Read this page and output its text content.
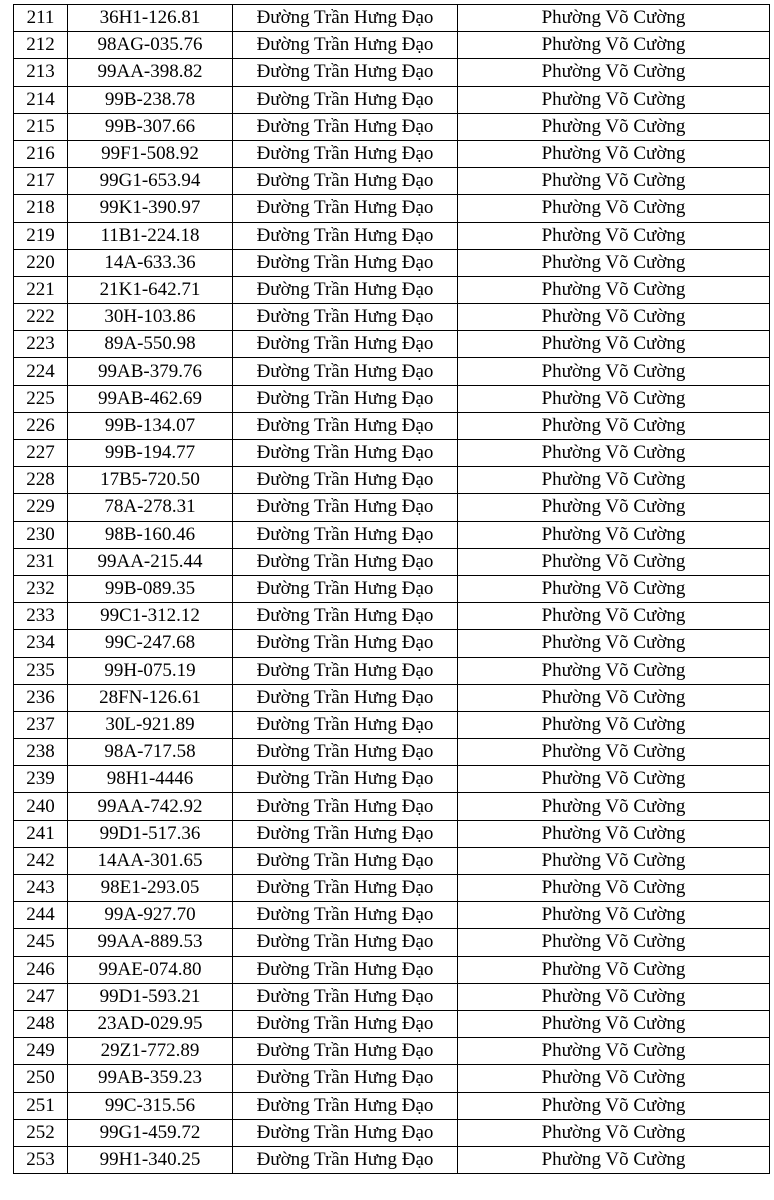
211	36H1-126.81	Đường Trần Hưng Đạo	Phường Võ Cường
212	98AG-035.76	Đường Trần Hưng Đạo	Phường Võ Cường
213	99AA-398.82	Đường Trần Hưng Đạo	Phường Võ Cường
214	99B-238.78	Đường Trần Hưng Đạo	Phường Võ Cường
215	99B-307.66	Đường Trần Hưng Đạo	Phường Võ Cường
216	99F1-508.92	Đường Trần Hưng Đạo	Phường Võ Cường
217	99G1-653.94	Đường Trần Hưng Đạo	Phường Võ Cường
218	99K1-390.97	Đường Trần Hưng Đạo	Phường Võ Cường
219	11B1-224.18	Đường Trần Hưng Đạo	Phường Võ Cường
220	14A-633.36	Đường Trần Hưng Đạo	Phường Võ Cường
221	21K1-642.71	Đường Trần Hưng Đạo	Phường Võ Cường
222	30H-103.86	Đường Trần Hưng Đạo	Phường Võ Cường
223	89A-550.98	Đường Trần Hưng Đạo	Phường Võ Cường
224	99AB-379.76	Đường Trần Hưng Đạo	Phường Võ Cường
225	99AB-462.69	Đường Trần Hưng Đạo	Phường Võ Cường
226	99B-134.07	Đường Trần Hưng Đạo	Phường Võ Cường
227	99B-194.77	Đường Trần Hưng Đạo	Phường Võ Cường
228	17B5-720.50	Đường Trần Hưng Đạo	Phường Võ Cường
229	78A-278.31	Đường Trần Hưng Đạo	Phường Võ Cường
230	98B-160.46	Đường Trần Hưng Đạo	Phường Võ Cường
231	99AA-215.44	Đường Trần Hưng Đạo	Phường Võ Cường
232	99B-089.35	Đường Trần Hưng Đạo	Phường Võ Cường
233	99C1-312.12	Đường Trần Hưng Đạo	Phường Võ Cường
234	99C-247.68	Đường Trần Hưng Đạo	Phường Võ Cường
235	99H-075.19	Đường Trần Hưng Đạo	Phường Võ Cường
236	28FN-126.61	Đường Trần Hưng Đạo	Phường Võ Cường
237	30L-921.89	Đường Trần Hưng Đạo	Phường Võ Cường
238	98A-717.58	Đường Trần Hưng Đạo	Phường Võ Cường
239	98H1-4446	Đường Trần Hưng Đạo	Phường Võ Cường
240	99AA-742.92	Đường Trần Hưng Đạo	Phường Võ Cường
241	99D1-517.36	Đường Trần Hưng Đạo	Phường Võ Cường
242	14AA-301.65	Đường Trần Hưng Đạo	Phường Võ Cường
243	98E1-293.05	Đường Trần Hưng Đạo	Phường Võ Cường
244	99A-927.70	Đường Trần Hưng Đạo	Phường Võ Cường
245	99AA-889.53	Đường Trần Hưng Đạo	Phường Võ Cường
246	99AE-074.80	Đường Trần Hưng Đạo	Phường Võ Cường
247	99D1-593.21	Đường Trần Hưng Đạo	Phường Võ Cường
248	23AD-029.95	Đường Trần Hưng Đạo	Phường Võ Cường
249	29Z1-772.89	Đường Trần Hưng Đạo	Phường Võ Cường
250	99AB-359.23	Đường Trần Hưng Đạo	Phường Võ Cường
251	99C-315.56	Đường Trần Hưng Đạo	Phường Võ Cường
252	99G1-459.72	Đường Trần Hưng Đạo	Phường Võ Cường
253	99H1-340.25	Đường Trần Hưng Đạo	Phường Võ Cường
